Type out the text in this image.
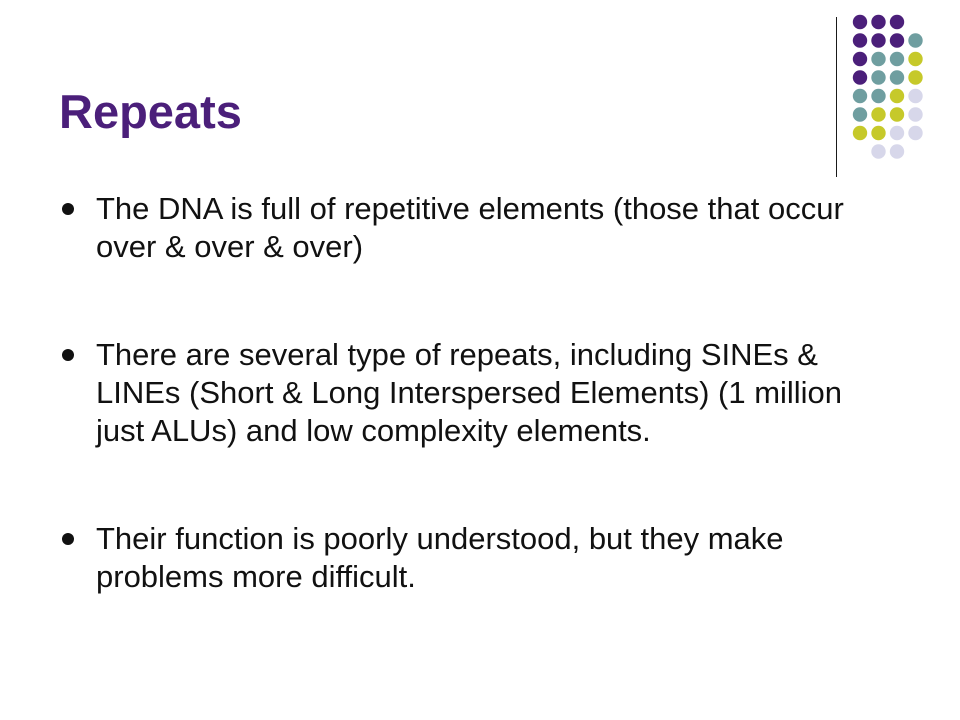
Repeats
The DNA is full of repetitive elements (those that occur over & over & over)
There are several type of repeats, including SINEs & LINEs (Short & Long Interspersed Elements) (1 million just ALUs) and low complexity elements.
Their function is poorly understood, but they make problems more difficult.
